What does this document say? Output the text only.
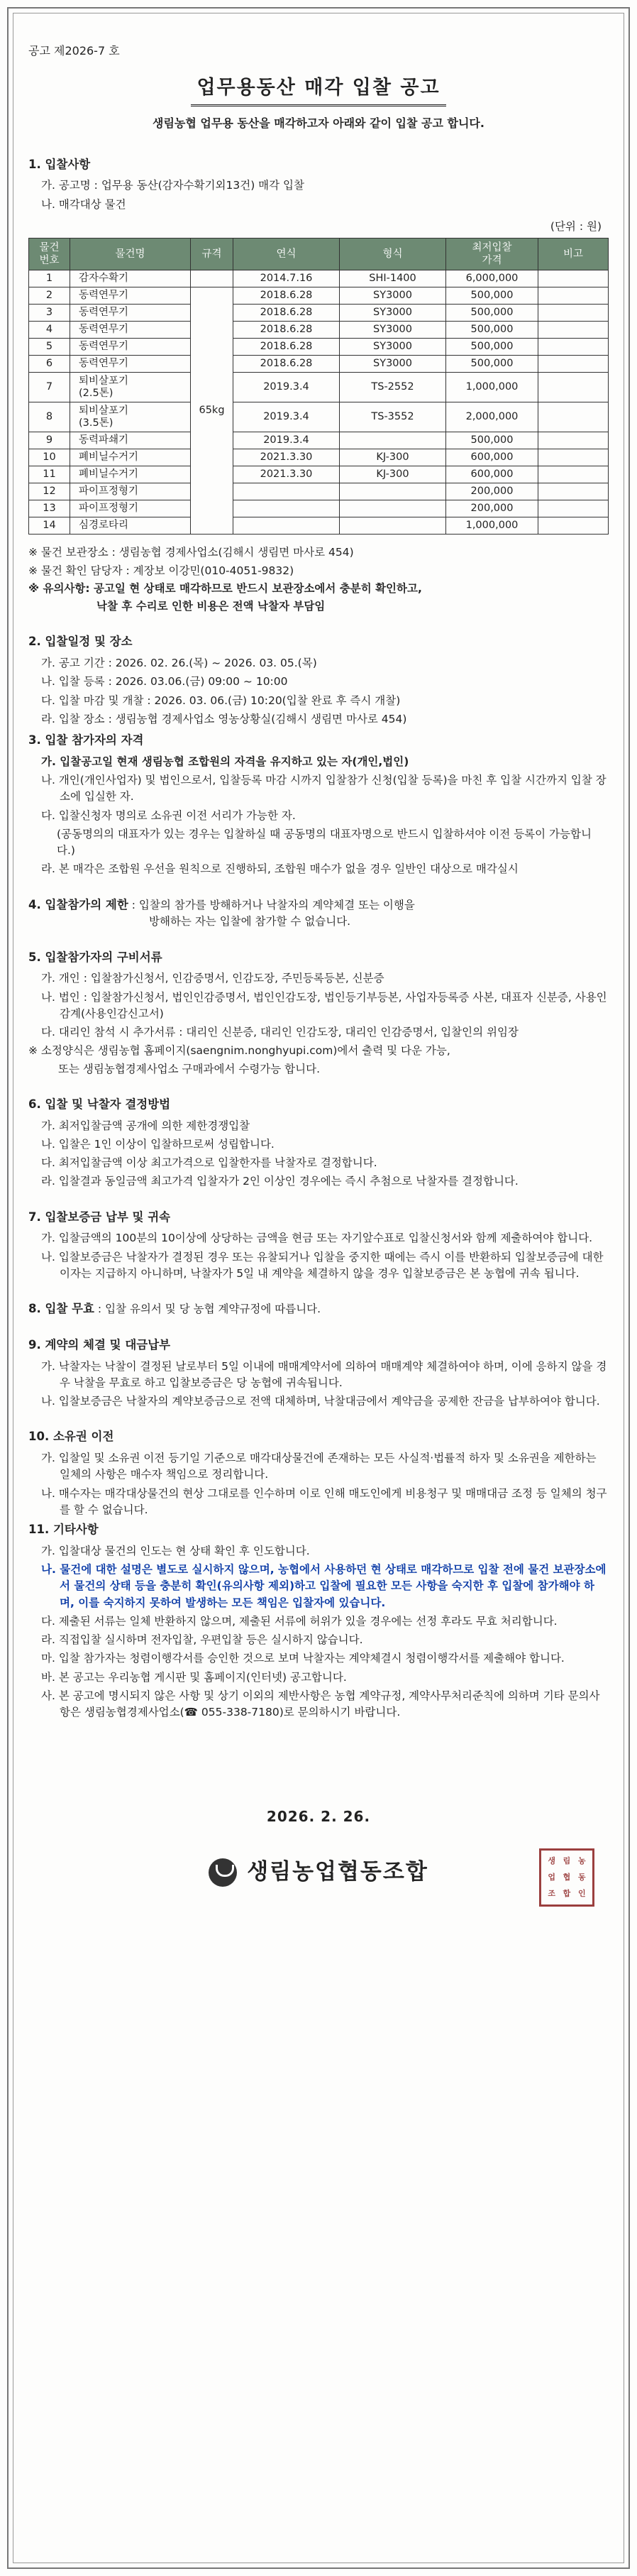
공고 제2026-7 호
업무용동산 매각 입찰 공고
생림농협 업무용 동산을 매각하고자 아래와 같이 입찰 공고 합니다.
1. 입찰사항
가. 공고명 : 업무용 동산(감자수확기외13건) 매각 입찰
나. 매각대상 물건
(단위 : 원)
물건
번호	물건명	규격	연식	형식	최저입찰
가격	비고
1	감자수확기		2014.7.16	SHI-1400	6,000,000	
2	동력연무기	65kg	2018.6.28	SY3000	500,000	
3	동력연무기		2018.6.28	SY3000	500,000	
4	동력연무기		2018.6.28	SY3000	500,000	
5	동력연무기		2018.6.28	SY3000	500,000	
6	동력연무기		2018.6.28	SY3000	500,000	
7	퇴비살포기
(2.5톤)		2019.3.4	TS-2552	1,000,000	
8	퇴비살포기
(3.5톤)		2019.3.4	TS-3552	2,000,000	
9	동력파쇄기		2019.3.4		500,000	
10	폐비닐수거기		2021.3.30	KJ-300	600,000	
11	폐비닐수거기		2021.3.30	KJ-300	600,000	
12	파이프정형기				200,000	
13	파이프정형기				200,000	
14	심경로타리				1,000,000	
※ 물건 보관장소 : 생림농협 경제사업소(김해시 생림면 마사로 454)
※ 물건 확인 담당자 : 계장보 이강민(010-4051-9832)
※ 유의사항: 공고일 현 상태로 매각하므로 반드시 보관장소에서 충분히 확인하고,
낙찰 후 수리로 인한 비용은 전액 낙찰자 부담임
2. 입찰일정 및 장소
가. 공고 기간 : 2026. 02. 26.(목) ~ 2026. 03. 05.(목)
나. 입찰 등록 : 2026. 03.06.(금) 09:00 ~ 10:00
다. 입찰 마감 및 개찰 : 2026. 03. 06.(금) 10:20(입찰 완료 후 즉시 개찰)
라. 입찰 장소 : 생림농협 경제사업소 영농상황실(김해시 생림면 마사로 454)
3. 입찰 참가자의 자격
가. 입찰공고일 현재 생림농협 조합원의 자격을 유지하고 있는 자(개인,법인)
나. 개인(개인사업자) 및 법인으로서, 입찰등록 마감 시까지 입찰참가 신청(입찰 등록)을 마친 후 입찰 시간까지 입찰 장소에 입실한 자.
다. 입찰신청자 명의로 소유권 이전 서리가 가능한 자.
(공동명의의 대표자가 있는 경우는 입찰하실 때 공동명의 대표자명으로 반드시 입찰하셔야 이전 등록이 가능합니다.)
라. 본 매각은 조합원 우선을 원칙으로 진행하되, 조합원 매수가 없을 경우 일반인 대상으로 매각실시
4. 입찰참가의 제한 : 입찰의 참가를 방해하거나 낙찰자의 계약체결 또는 이행을
방해하는 자는 입찰에 참가할 수 없습니다.
5. 입찰참가자의 구비서류
가. 개인 : 입찰참가신청서, 인감증명서, 인감도장, 주민등록등본, 신분증
나. 법인 : 입찰참가신청서, 법인인감증명서, 법인인감도장, 법인등기부등본, 사업자등록증 사본, 대표자 신분증, 사용인감계(사용인감신고서)
다. 대리인 참석 시 추가서류 : 대리인 신분증, 대리인 인감도장, 대리인 인감증명서, 입찰인의 위임장
※ 소정양식은 생림농협 홈페이지(saengnim.nonghyupi.com)에서 출력 및 다운 가능,
또는 생림농협경제사업소 구매과에서 수령가능 합니다.
6. 입찰 및 낙찰자 결정방법
가. 최저입찰금액 공개에 의한 제한경쟁입찰
나. 입찰은 1인 이상이 입찰하므로써 성립합니다.
다. 최저입찰금액 이상 최고가격으로 입찰한자를 낙찰자로 결정합니다.
라. 입찰결과 동일금액 최고가격 입찰자가 2인 이상인 경우에는 즉시 추첨으로 낙찰자를 결정합니다.
7. 입찰보증금 납부 및 귀속
가. 입찰금액의 100분의 10이상에 상당하는 금액을 현금 또는 자기앞수표로 입찰신청서와 함께 제출하여야 합니다.
나. 입찰보증금은 낙찰자가 결정된 경우 또는 유찰되거나 입찰을 중지한 때에는 즉시 이를 반환하되 입찰보증금에 대한 이자는 지급하지 아니하며, 낙찰자가 5일 내 계약을 체결하지 않을 경우 입찰보증금은 본 농협에 귀속 됩니다.
8. 입찰 무효 : 입찰 유의서 및 당 농협 계약규정에 따릅니다.
9. 계약의 체결 및 대금납부
가. 낙찰자는 낙찰이 결정된 날로부터 5일 이내에 매매계약서에 의하여 매매계약 체결하여야 하며, 이에 응하지 않을 경우 낙찰을 무효로 하고 입찰보증금은 당 농협에 귀속됩니다.
나. 입찰보증금은 낙찰자의 계약보증금으로 전액 대체하며, 낙찰대금에서 계약금을 공제한 잔금을 납부하여야 합니다.
10. 소유권 이전
가. 입찰일 및 소유권 이전 등기일 기준으로 매각대상물건에 존재하는 모든 사실적·법률적 하자 및 소유권을 제한하는 일체의 사항은 매수자 책임으로 정리합니다.
나. 매수자는 매각대상물건의 현상 그대로를 인수하며 이로 인해 매도인에게 비용청구 및 매매대금 조정 등 일체의 청구를 할 수 없습니다.
11. 기타사항
가. 입찰대상 물건의 인도는 현 상태 확인 후 인도합니다.
나. 물건에 대한 설명은 별도로 실시하지 않으며, 농협에서 사용하던 현 상태로 매각하므로 입찰 전에 물건 보관장소에서 물건의 상태 등을 충분히 확인(유의사항 제외)하고 입찰에 필요한 모든 사항을 숙지한 후 입찰에 참가해야 하며, 이를 숙지하지 못하여 발생하는 모든 책임은 입찰자에 있습니다.
다. 제출된 서류는 일체 반환하지 않으며, 제출된 서류에 허위가 있을 경우에는 선정 후라도 무효 처리합니다.
라. 직접입찰 실시하며 전자입찰, 우편입찰 등은 실시하지 않습니다.
마. 입찰 참가자는 청렴이행각서를 승인한 것으로 보며 낙찰자는 계약체결시 청렴이행각서를 제출해야 합니다.
바. 본 공고는 우리농협 게시판 및 홈페이지(인터넷) 공고합니다.
사. 본 공고에 명시되지 않은 사항 및 상기 이외의 제반사항은 농협 계약규정, 계약사무처리준칙에 의하며 기타 문의사항은 생림농협경제사업소(☎ 055-338-7180)로 문의하시기 바랍니다.
2026. 2. 26.
생림농업협동조합	생 림 농
업 협 동
조 합 인
